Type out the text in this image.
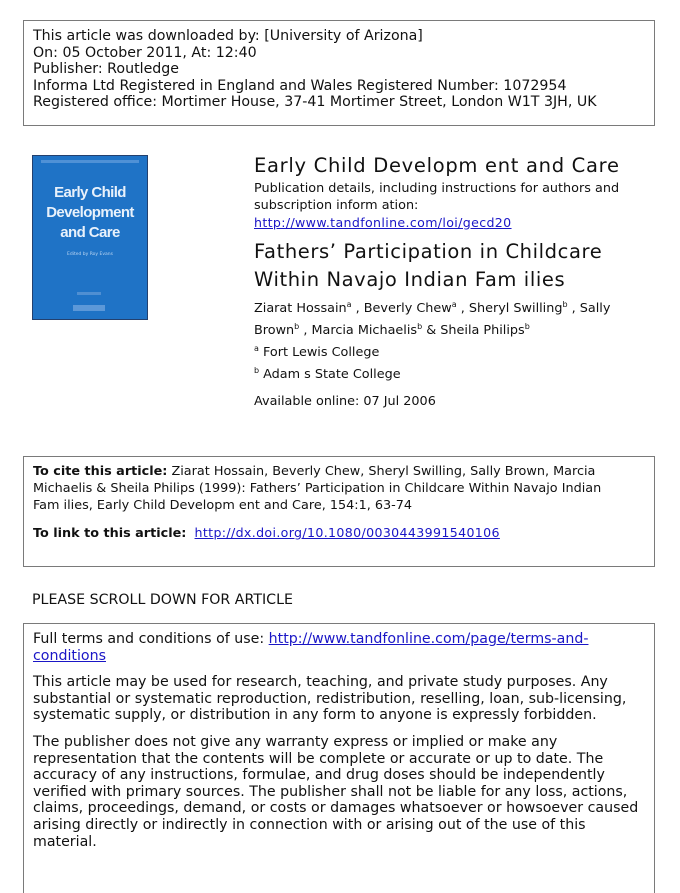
This article was downloaded by: [University of Arizona]
On: 05 October 2011, At: 12:40
Publisher: Routledge
Informa Ltd Registered in England and Wales Registered Number: 1072954
Registered office: Mortimer House, 37-41 Mortimer Street, London W1T 3JH, UK
Early Child
Development
and Care
Edited by Roy Evans
Early Child Developm ent and Care
Publication details, including instructions for authors and
subscription inform ation:
http://www.tandfonline.com/loi/gecd20
Fathers’ Participation in Childcare
Within Navajo Indian Fam ilies
Ziarat Hossain$^a$ , Beverly Chew$^a$ , Sheryl Swilling$^b$ , Sally
Brown$^b$ , Marcia Michaelis$^b$ & Sheila Philips$^b$
$^a$ Fort Lewis College
$^b$ Adam s State College
Available online: 07 Jul 2006
To cite this article: Ziarat Hossain, Beverly Chew, Sheryl Swilling, Sally Brown, Marcia
Michaelis & Sheila Philips (1999): Fathers’ Participation in Childcare Within Navajo Indian
Fam ilies, Early Child Developm ent and Care, 154:1, 63-74
To link to this article: http://dx.doi.org/10.1080/0030443991540106
PLEASE SCROLL DOWN FOR ARTICLE

Full terms and conditions of use: http://www.tandfonline.com/page/terms-and-
conditions

This article may be used for research, teaching, and private study purposes. Any substantial or systematic reproduction, redistribution, reselling, loan, sub-licensing, systematic supply, or distribution in any form to anyone is expressly forbidden.

The publisher does not give any warranty express or implied or make any representation that the contents will be complete or accurate or up to date. The accuracy of any instructions, formulae, and drug doses should be independently verified with primary sources. The publisher shall not be liable for any loss, actions, claims, proceedings, demand, or costs or damages whatsoever or howsoever caused arising directly or indirectly in connection with or arising out of the use of this material.
